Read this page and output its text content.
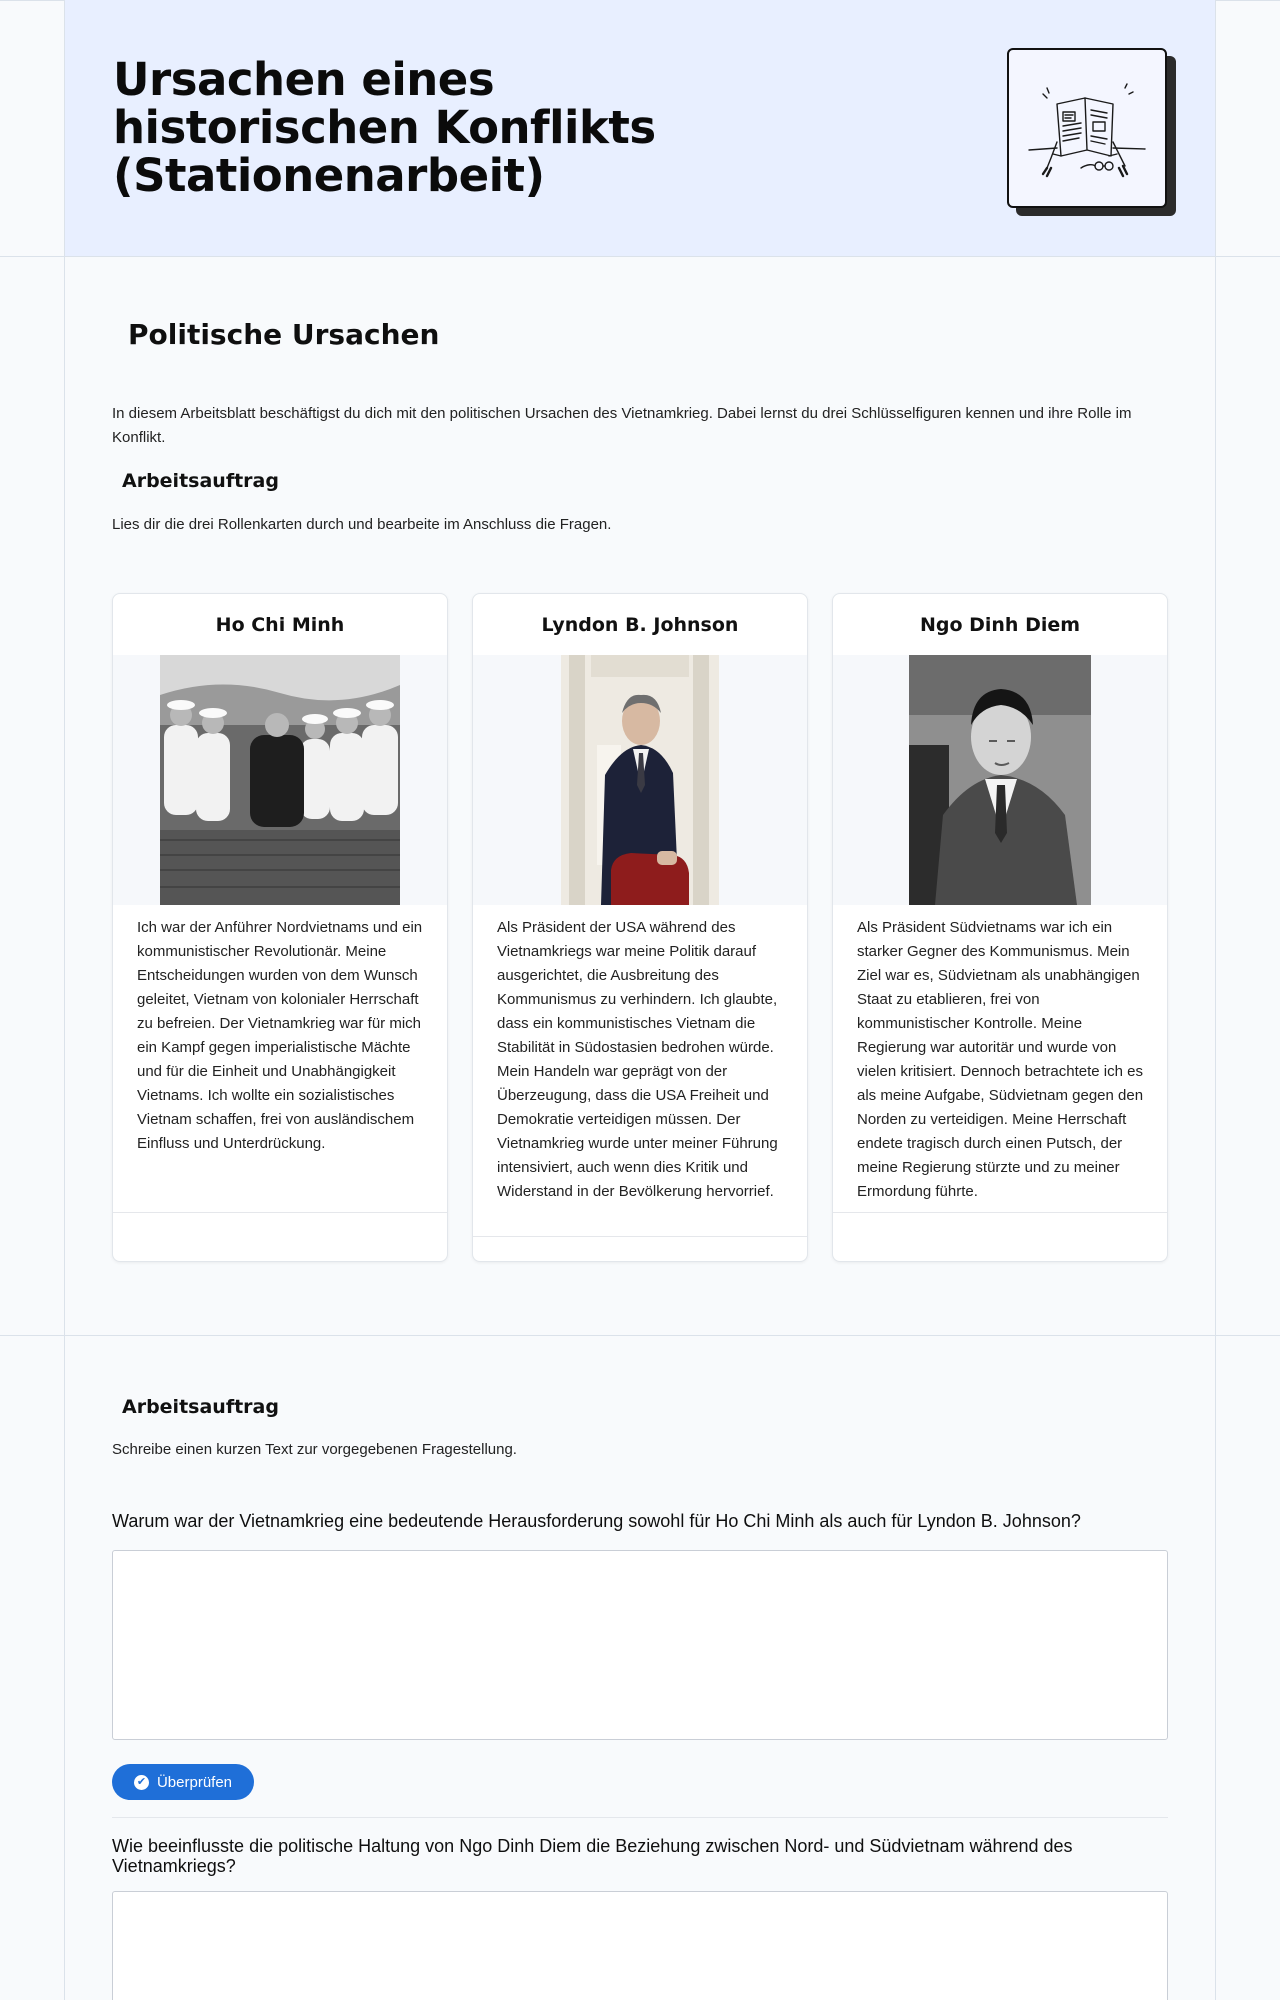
Ursachen eines historischen Konflikts (Stationenarbeit)
Politische Ursachen

In diesem Arbeitsblatt beschäftigst du dich mit den politischen Ursachen des Vietnamkrieg. Dabei lernst du drei Schlüsselfiguren kennen und ihre Rolle im Konflikt.

Arbeitsauftrag

Lies dir die drei Rollenkarten durch und bearbeite im Anschluss die Fragen.

Ho Chi Minh

Ich war der Anführer Nordvietnams und ein kommunistischer Revolutionär. Meine Entscheidungen wurden von dem Wunsch geleitet, Vietnam von kolonialer Herrschaft zu befreien. Der Vietnamkrieg war für mich ein Kampf gegen imperialistische Mächte und für die Einheit und Unabhängigkeit Vietnams. Ich wollte ein sozialistisches Vietnam schaffen, frei von ausländischem Einfluss und Unterdrückung.

Lyndon B. Johnson

Als Präsident der USA während des Vietnamkriegs war meine Politik darauf ausgerichtet, die Ausbreitung des Kommunismus zu verhindern. Ich glaubte, dass ein kommunistisches Vietnam die Stabilität in Südostasien bedrohen würde. Mein Handeln war geprägt von der Überzeugung, dass die USA Freiheit und Demokratie verteidigen müssen. Der Vietnamkrieg wurde unter meiner Führung intensiviert, auch wenn dies Kritik und Widerstand in der Bevölkerung hervorrief.

Ngo Dinh Diem

Als Präsident Südvietnams war ich ein starker Gegner des Kommunismus. Mein Ziel war es, Südvietnam als unabhängigen Staat zu etablieren, frei von kommunistischer Kontrolle. Meine Regierung war autoritär und wurde von vielen kritisiert. Dennoch betrachtete ich es als meine Aufgabe, Südvietnam gegen den Norden zu verteidigen. Meine Herrschaft endete tragisch durch einen Putsch, der meine Regierung stürzte und zu meiner Ermordung führte.

Arbeitsauftrag

Schreibe einen kurzen Text zur vorgegebenen Fragestellung.

Warum war der Vietnamkrieg eine bedeutende Herausforderung sowohl für Ho Chi Minh als auch für Lyndon B. Johnson?

✔ Überprüfen

Wie beeinflusste die politische Haltung von Ngo Dinh Diem die Beziehung zwischen Nord- und Südvietnam während des Vietnamkriegs?
